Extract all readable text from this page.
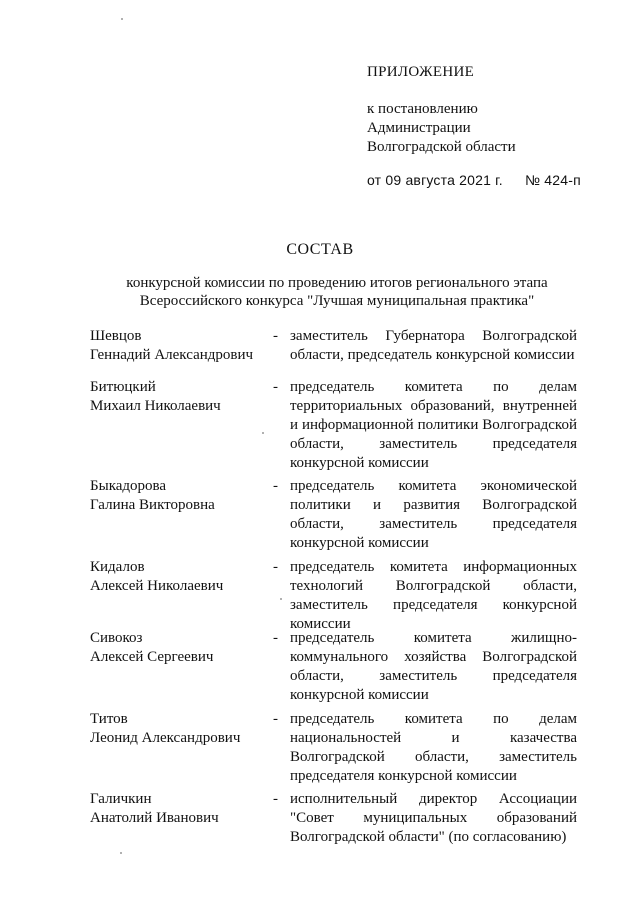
ПРИЛОЖЕНИЕ
к постановлению
Администрации
Волгоградской области
от 09 августа 2021 г. № 424-п
СОСТАВ
конкурсной комиссии по проведению итогов регионального этапа
Всероссийского конкурса "Лучшая муниципальная практика"
Шевцов
Геннадий Александрович
- заместитель Губернатора Волгоградской области, председатель конкурсной комиссии
Битюцкий
Михаил Николаевич
- председатель комитета по делам территориальных образований, внутренней и информационной политики Волгоградской области, заместитель председателя конкурсной комиссии
Быкадорова
Галина Викторовна
- председатель комитета экономической политики и развития Волгоградской области, заместитель председателя конкурсной комиссии
Кидалов
Алексей Николаевич
- председатель комитета информационных технологий Волгоградской области, заместитель председателя конкурсной комиссии
Сивокоз
Алексей Сергеевич
- председатель комитета жилищно-коммунального хозяйства Волгоградской области, заместитель председателя конкурсной комиссии
Титов
Леонид Александрович
- председатель комитета по делам национальностей и казачества Волгоградской области, заместитель председателя конкурсной комиссии
Галичкин
Анатолий Иванович
- исполнительный директор Ассоциации "Совет муниципальных образований Волгоградской области" (по согласованию)
